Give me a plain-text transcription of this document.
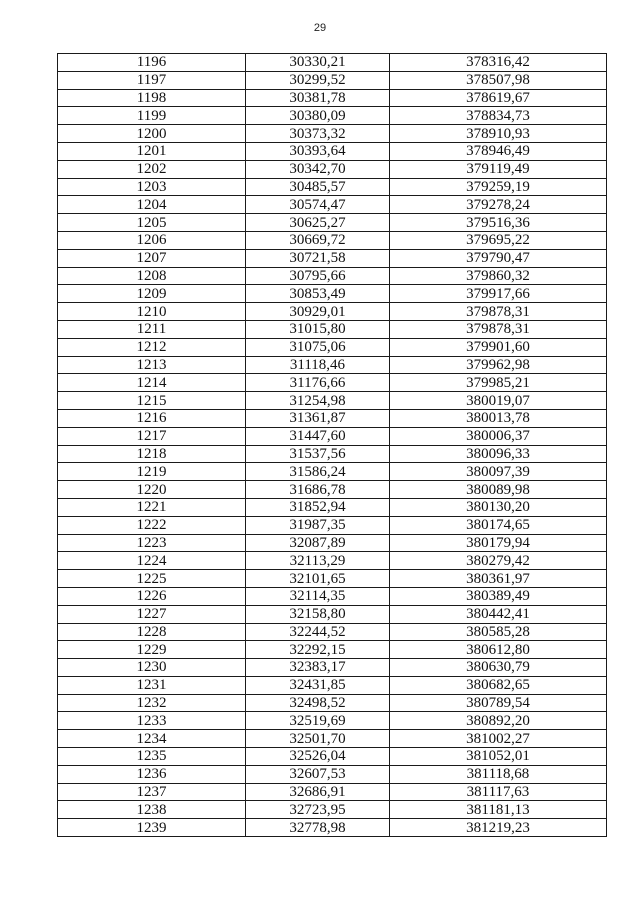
29
1196	30330,21	378316,42
1197	30299,52	378507,98
1198	30381,78	378619,67
1199	30380,09	378834,73
1200	30373,32	378910,93
1201	30393,64	378946,49
1202	30342,70	379119,49
1203	30485,57	379259,19
1204	30574,47	379278,24
1205	30625,27	379516,36
1206	30669,72	379695,22
1207	30721,58	379790,47
1208	30795,66	379860,32
1209	30853,49	379917,66
1210	30929,01	379878,31
1211	31015,80	379878,31
1212	31075,06	379901,60
1213	31118,46	379962,98
1214	31176,66	379985,21
1215	31254,98	380019,07
1216	31361,87	380013,78
1217	31447,60	380006,37
1218	31537,56	380096,33
1219	31586,24	380097,39
1220	31686,78	380089,98
1221	31852,94	380130,20
1222	31987,35	380174,65
1223	32087,89	380179,94
1224	32113,29	380279,42
1225	32101,65	380361,97
1226	32114,35	380389,49
1227	32158,80	380442,41
1228	32244,52	380585,28
1229	32292,15	380612,80
1230	32383,17	380630,79
1231	32431,85	380682,65
1232	32498,52	380789,54
1233	32519,69	380892,20
1234	32501,70	381002,27
1235	32526,04	381052,01
1236	32607,53	381118,68
1237	32686,91	381117,63
1238	32723,95	381181,13
1239	32778,98	381219,23
